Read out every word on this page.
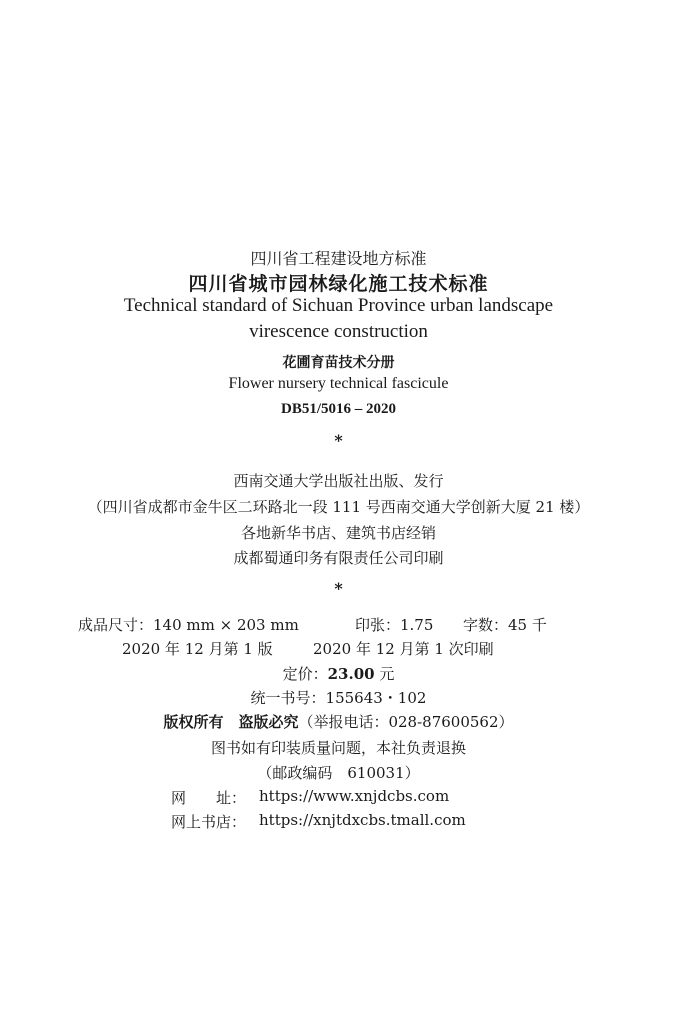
四川省工程建设地方标准
四川省城市园林绿化施工技术标准
Technical standard of Sichuan Province urban landscape
virescence construction
花圃育苗技术分册
Flower nursery technical fascicule
DB51/5016 – 2020
*
西南交通大学出版社出版、发行
（四川省成都市金牛区二环路北一段 111 号西南交通大学创新大厦 21 楼）
各地新华书店、建筑书店经销
成都蜀通印务有限责任公司印刷
*
成品尺寸：140 mm × 203 mm	印张：1.75 字数：45 千
2020 年 12 月第 1 版	2020 年 12 月第 1 次印刷
定价：23.00 元
统一书号：155643・102
版权所有　盗版必究（举报电话：028-87600562）
图书如有印装质量问题，本社负责退换
（邮政编码　610031）
网　　址： https://www.xnjdcbs.com
网上书店： https://xnjtdxcbs.tmall.com
